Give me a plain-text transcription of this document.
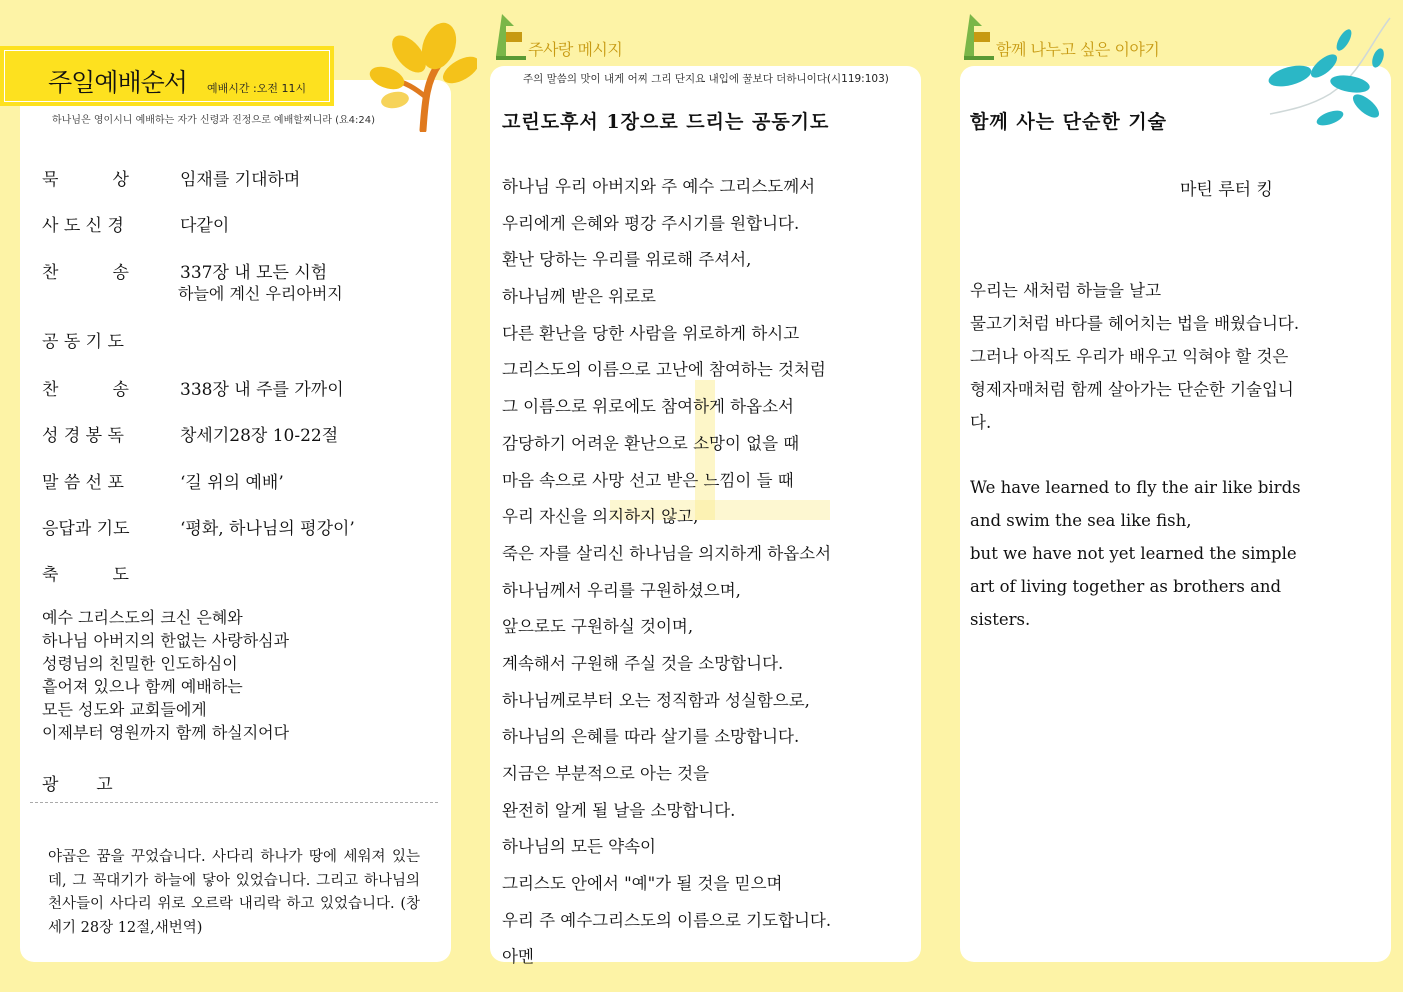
주일예배순서 예배시간 :오전 11시
하나님은 영이시니 예배하는 자가 신령과 진정으로 예배할찌니라 (요4:24)
묵          상	임재를 기대하며
사 도 신 경	다같이
찬          송	337장 내 모든 시험
하늘에 계신 우리아버지
공 동 기 도
찬          송	338장 내 주를 가까이
성 경 봉 독	창세기28장 10-22절
말 씀 선 포	‘길 위의 예배’
응답과 기도	‘평화, 하나님의 평강이’
축          도
예수 그리스도의 크신 은혜와
하나님 아버지의 한없는 사랑하심과
성령님의 친밀한 인도하심이
흩어져 있으나 함께 예배하는
모든 성도와 교회들에게
이제부터 영원까지 함께 하실지어다
광       고
야곱은 꿈을 꾸었습니다. 사다리 하나가 땅에 세워져 있는데, 그 꼭대기가 하늘에 닿아 있었습니다. 그리고 하나님의 천사들이 사다리 위로 오르락 내리락 하고 있었습니다. (창세기 28장 12절,새번역)
주사랑 메시지
주의 말씀의 맛이 내게 어찌 그리 단지요 내입에 꿀보다 더하니이다(시119:103)
고린도후서 1장으로 드리는 공동기도
하나님 우리 아버지와 주 예수 그리스도께서
우리에게 은혜와 평강 주시기를 원합니다.
환난 당하는 우리를 위로해 주셔서,
하나님께 받은 위로로
다른 환난을 당한 사람을 위로하게 하시고
그리스도의 이름으로 고난에 참여하는 것처럼
그 이름으로 위로에도 참여하게 하옵소서
감당하기 어려운 환난으로 소망이 없을 때
마음 속으로 사망 선고 받은 느낌이 들 때
우리 자신을 의지하지 않고,
죽은 자를 살리신 하나님을 의지하게 하옵소서
하나님께서 우리를 구원하셨으며,
앞으로도 구원하실 것이며,
계속해서 구원해 주실 것을 소망합니다.
하나님께로부터 오는 정직함과 성실함으로,
하나님의 은혜를 따라 살기를 소망합니다.
지금은 부분적으로 아는 것을
완전히 알게 될 날을 소망합니다.
하나님의 모든 약속이
그리스도 안에서 "예"가 될 것을 믿으며
우리 주 예수그리스도의 이름으로 기도합니다.
아멘
함께 나누고 싶은 이야기
함께 사는 단순한 기술
마틴 루터 킹
우리는 새처럼 하늘을 날고
물고기처럼 바다를 헤어치는 법을 배웠습니다.
그러나 아직도 우리가 배우고 익혀야 할 것은
형제자매처럼 함께 살아가는 단순한 기술입니
다.
We have learned to fly the air like birds
and swim the sea like fish,
but we have not yet learned the simple
art of living together as brothers and
sisters.
